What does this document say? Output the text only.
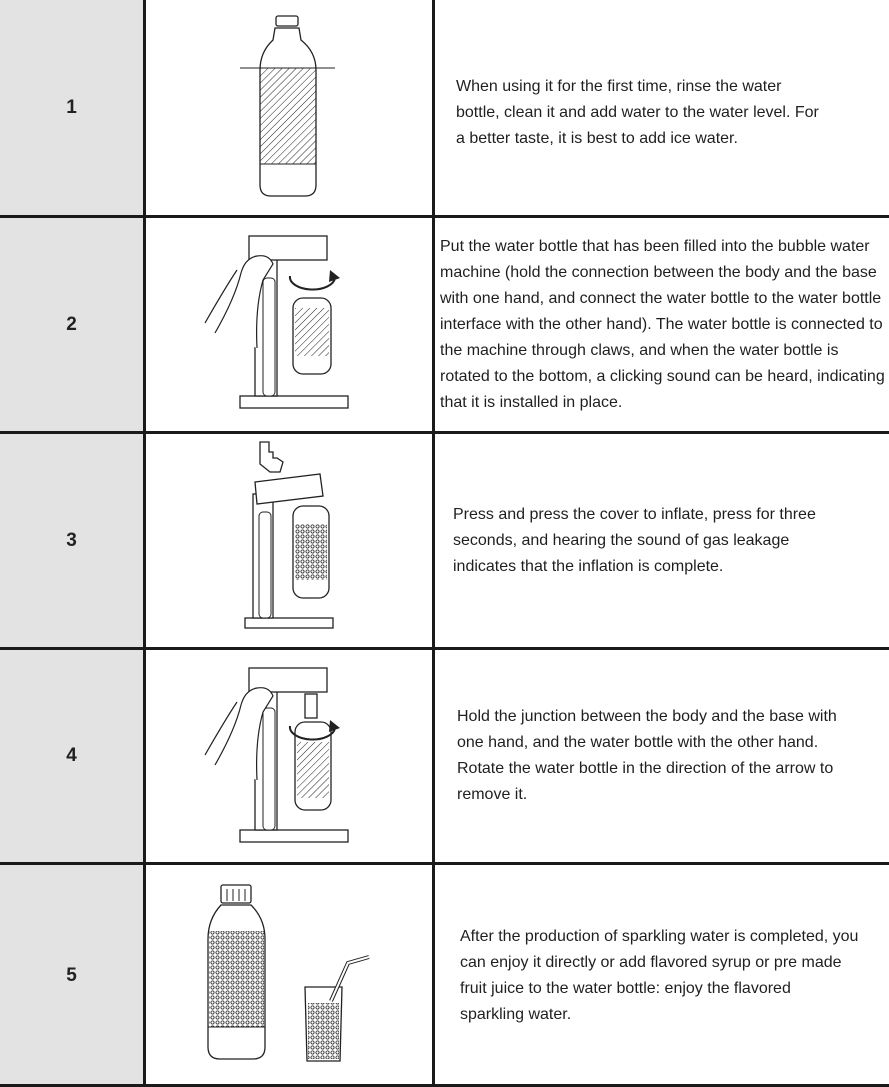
1
When using it for the first time, rinse the water bottle, clean it and add water to the water level. For a better taste, it is best to add ice water.
2
Put the water bottle that has been filled into the bubble water machine (hold the connection between the body and the base with one hand, and connect the water bottle to the water bottle interface with the other hand). The water bottle is connected to the machine through claws, and when the water bottle is rotated to the bottom, a clicking sound can be heard, indicating that it is installed in place.
3
Press and press the cover to inflate, press for three seconds, and hearing the sound of gas leakage indicates that the inflation is complete.
4
Hold the junction between the body and the base with one hand, and the water bottle with the other hand. Rotate the water bottle in the direction of the arrow to remove it.
5
After the production of sparkling water is completed, you can enjoy it directly or add flavored syrup or pre made fruit juice to the water bottle: enjoy the flavored sparkling water.
